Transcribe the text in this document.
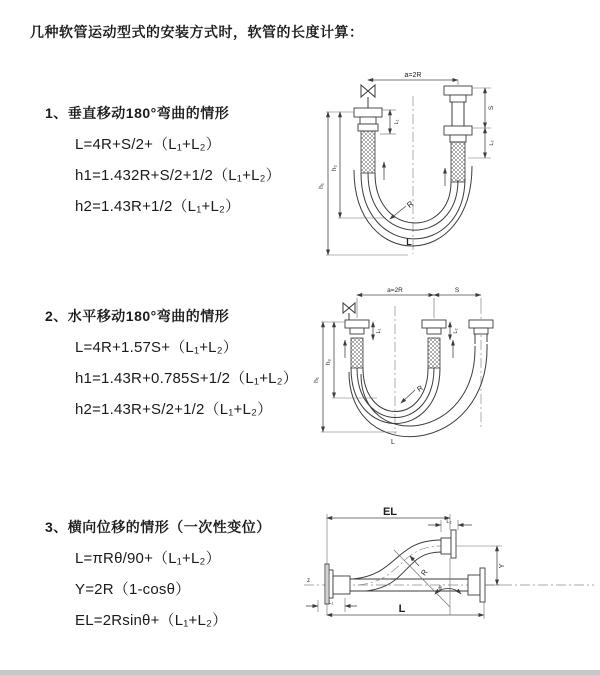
几种软管运动型式的安装方式时，软管的长度计算：
1、垂直移动180°弯曲的情形
L=4R+S/2+（L₁+L₂）
h1=1.432R+S/2+1/2（L₁+L₂）
h2=1.43R+1/2（L₁+L₂）
a=2R
h₁
h₂
L₁
S
L₂
R
L
2、水平移动180°弯曲的情形
L=4R+1.57S+（L₁+L₂）
h1=1.43R+0.785S+1/2（L₁+L₂）
h2=1.43R+S/2+1/2（L₁+L₂）
a=2R	S
h₁
h₂
L₁	L₂
R
L
3、横向位移的情形（一次性变位）
L=πRθ/90+（L₁+L₂）
Y=2R（1-cosθ）
EL=2Rsinθ+（L₁+L₂）
z
EL
L₂
Y
L
L₁
R
θ
